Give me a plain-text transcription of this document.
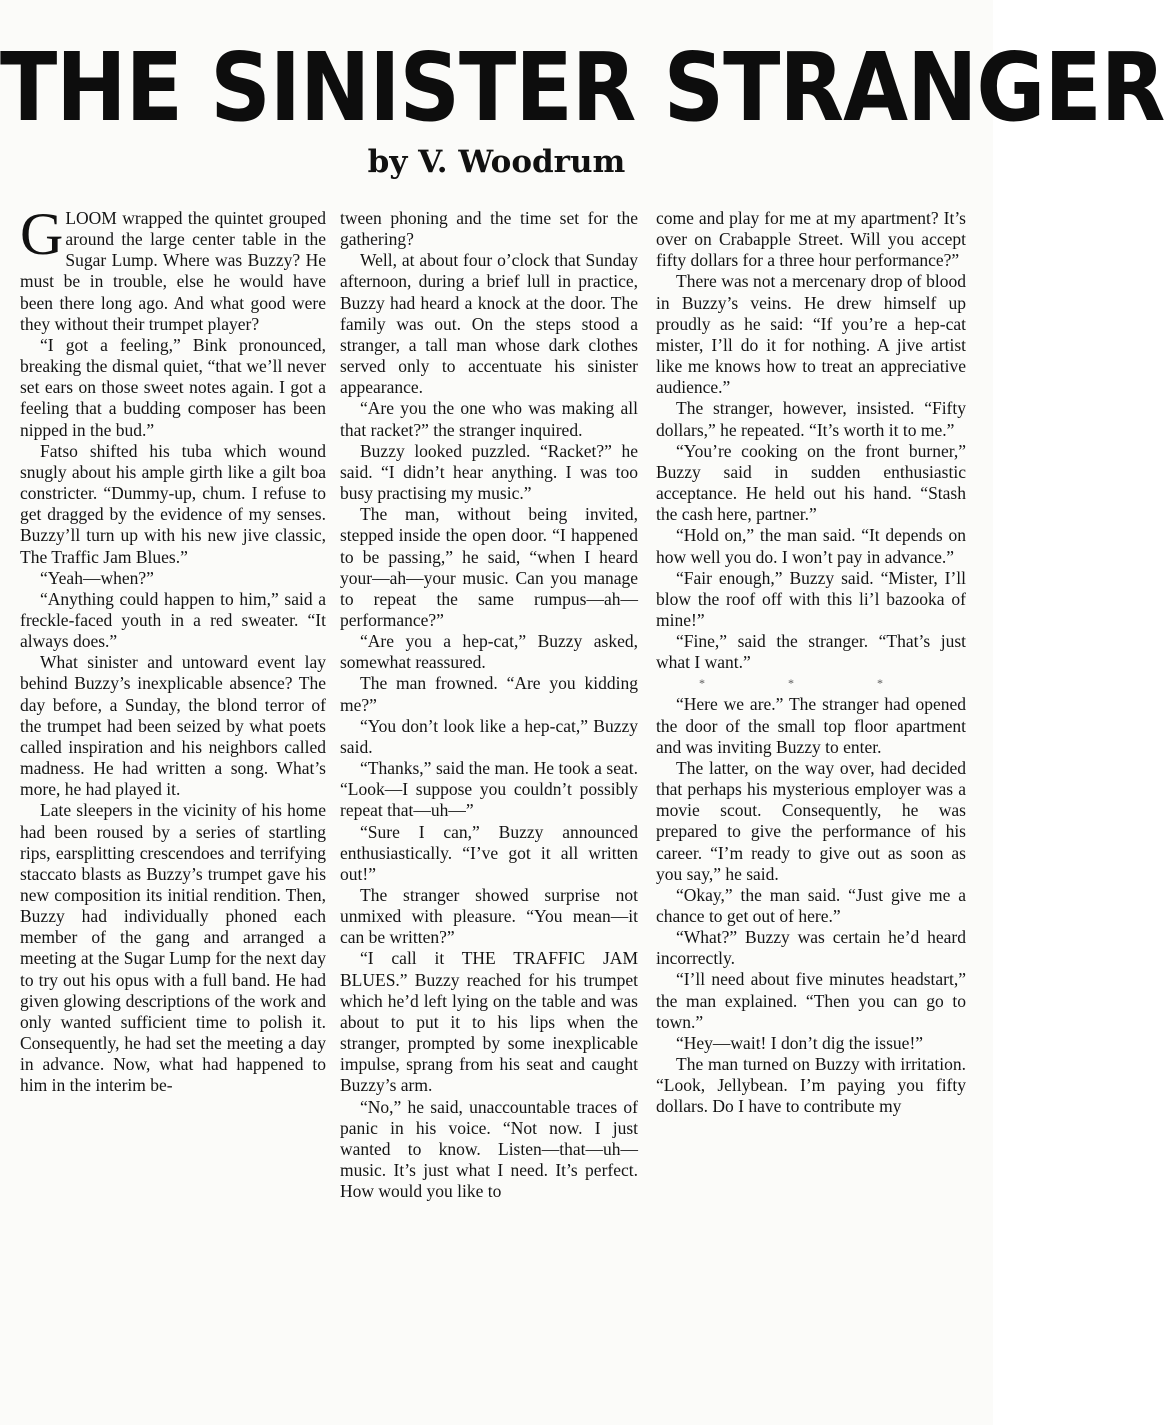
THE SINISTER STRANGER
by V. Woodrum

GLOOM wrapped the quintet grouped around the large center table in the Sugar Lump. Where was Buzzy? He must be in trouble, else he would have been there long ago. And what good were they without their trumpet player?

“I got a feeling,” Bink pronounced, breaking the dismal quiet, “that we’ll never set ears on those sweet notes again. I got a feeling that a budding composer has been nipped in the bud.”

Fatso shifted his tuba which wound snugly about his ample girth like a gilt boa constricter. “Dummy-up, chum. I refuse to get dragged by the evidence of my senses. Buzzy’ll turn up with his new jive classic, The Traffic Jam Blues.”

“Yeah—when?”

“Anything could happen to him,” said a freckle-faced youth in a red sweater. “It always does.”

What sinister and untoward event lay behind Buzzy’s inexplicable absence? The day before, a Sunday, the blond terror of the trumpet had been seized by what poets called inspiration and his neighbors called madness. He had written a song. What’s more, he had played it.

Late sleepers in the vicinity of his home had been roused by a series of startling rips, earsplitting crescendoes and terrifying staccato blasts as Buzzy’s trumpet gave his new composition its initial rendition. Then, Buzzy had individually phoned each member of the gang and arranged a meeting at the Sugar Lump for the next day to try out his opus with a full band. He had given glowing descriptions of the work and only wanted sufficient time to polish it. Consequently, he had set the meeting a day in advance. Now, what had happened to him in the interim be-

tween phoning and the time set for the gathering?

Well, at about four o’clock that Sunday afternoon, during a brief lull in practice, Buzzy had heard a knock at the door. The family was out. On the steps stood a stranger, a tall man whose dark clothes served only to accentuate his sinister appearance.

“Are you the one who was making all that racket?” the stranger inquired.

Buzzy looked puzzled. “Racket?” he said. “I didn’t hear anything. I was too busy practising my music.”

The man, without being invited, stepped inside the open door. “I happened to be passing,” he said, “when I heard your—ah—your music. Can you manage to repeat the same rumpus—ah—performance?”

“Are you a hep-cat,” Buzzy asked, somewhat reassured.

The man frowned. “Are you kidding me?”

“You don’t look like a hep-cat,” Buzzy said.

“Thanks,” said the man. He took a seat. “Look—I suppose you couldn’t possibly repeat that—uh—”

“Sure I can,” Buzzy announced enthusiastically. “I’ve got it all written out!”

The stranger showed surprise not unmixed with pleasure. “You mean—it can be written?”

“I call it THE TRAFFIC JAM BLUES.” Buzzy reached for his trumpet which he’d left lying on the table and was about to put it to his lips when the stranger, prompted by some inexplicable impulse, sprang from his seat and caught Buzzy’s arm.

“No,” he said, unaccountable traces of panic in his voice. “Not now. I just wanted to know. Listen—that—uh—music. It’s just what I need. It’s perfect. How would you like to

come and play for me at my apartment? It’s over on Crabapple Street. Will you accept fifty dollars for a three hour performance?”

There was not a mercenary drop of blood in Buzzy’s veins. He drew himself up proudly as he said: “If you’re a hep-cat mister, I’ll do it for nothing. A jive artist like me knows how to treat an appreciative audience.”

The stranger, however, insisted. “Fifty dollars,” he repeated. “It’s worth it to me.”

“You’re cooking on the front burner,” Buzzy said in sudden enthusiastic acceptance. He held out his hand. “Stash the cash here, partner.”

“Hold on,” the man said. “It depends on how well you do. I won’t pay in advance.”

“Fair enough,” Buzzy said. “Mister, I’ll blow the roof off with this li’l bazooka of mine!”

“Fine,” said the stranger. “That’s just what I want.”

* * *

“Here we are.” The stranger had opened the door of the small top floor apartment and was inviting Buzzy to enter.

The latter, on the way over, had decided that perhaps his mysterious employer was a movie scout. Consequently, he was prepared to give the performance of his career. “I’m ready to give out as soon as you say,” he said.

“Okay,” the man said. “Just give me a chance to get out of here.”

“What?” Buzzy was certain he’d heard incorrectly.

“I’ll need about five minutes headstart,” the man explained. “Then you can go to town.”

“Hey—wait! I don’t dig the issue!”

The man turned on Buzzy with irritation. “Look, Jellybean. I’m paying you fifty dollars. Do I have to contribute my
